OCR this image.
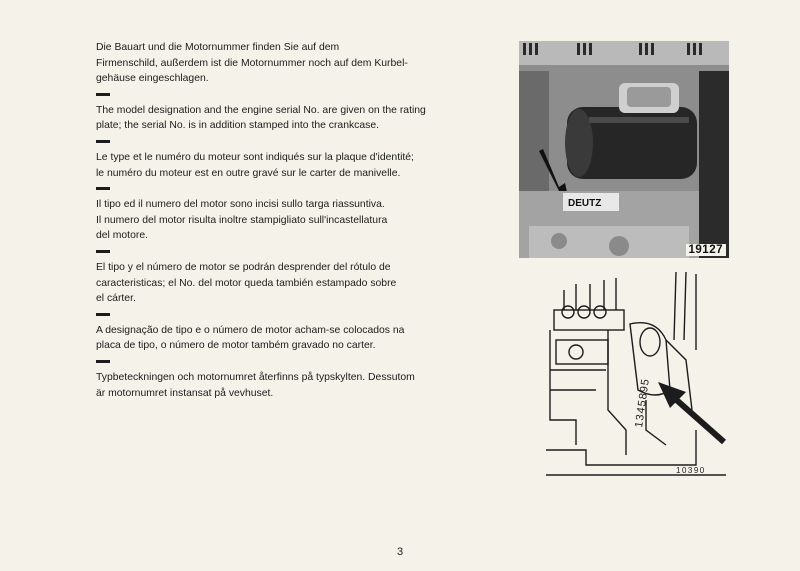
Die Bauart und die Motornummer finden Sie auf dem
Firmenschild, außerdem ist die Motornummer noch auf dem Kurbel-
gehäuse eingeschlagen.

The model designation and the engine serial No. are given on the rating
plate; the serial No. is in addition stamped into the crankcase.

Le type et le numéro du moteur sont indiqués sur la plaque d'identité;
le numéro du moteur est en outre gravé sur le carter de manivelle.

Il tipo ed il numero del motor sono incisi sullo targa riassuntiva.
Il numero del motor risulta inoltre stampigliato sull'incastellatura
del motore.

El tipo y el número de motor se podrán desprender del rótulo de
caracteristicas; el No. del motor queda también estampado sobre
el cárter.

A designação de tipo e o número de motor acham-se colocados na
placa de tipo, o número de motor também gravado no carter.

Typbeteckningen och motornumret återfinns på typskylten. Dessutom
är motornumret instansat på vevhuset.

DEUTZ
19127
1345895
10390
3
